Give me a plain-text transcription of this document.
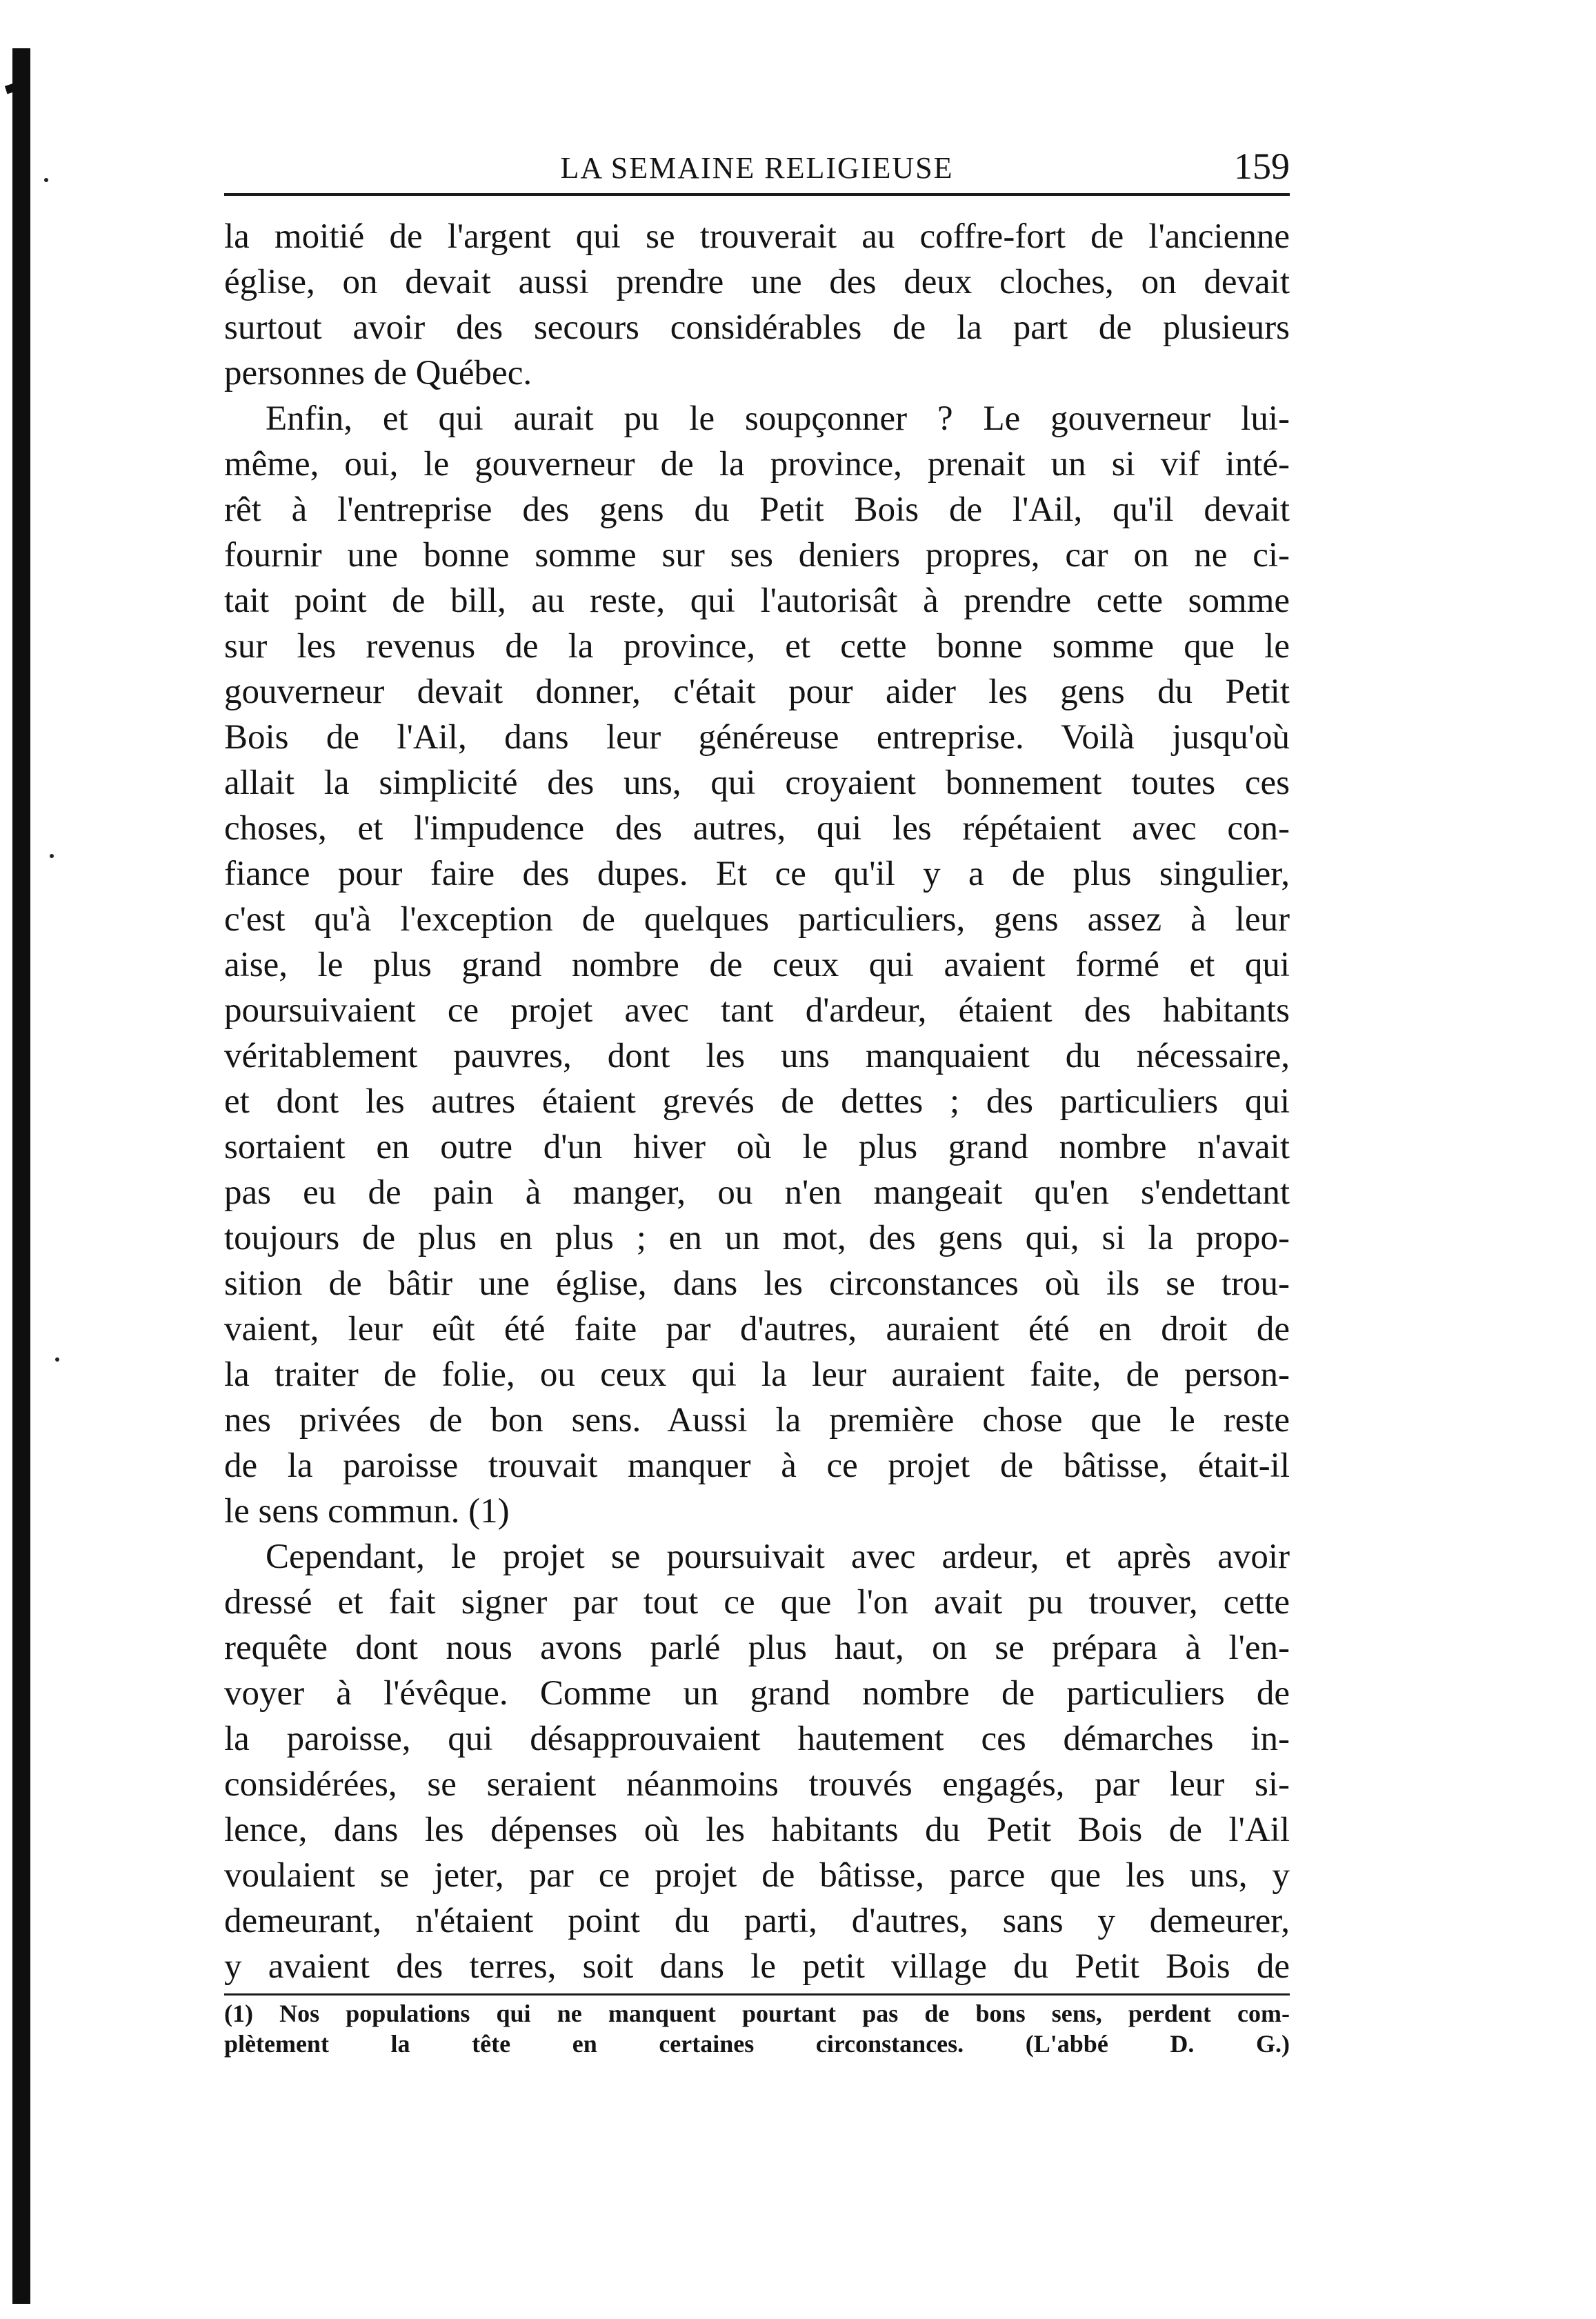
LA SEMAINE RELIGIEUSE	159
la moitié de l'argent qui se trouverait au coffre-fort de l'ancienne
église, on devait aussi prendre une des deux cloches, on devait
surtout avoir des secours considérables de la part de plusieurs
personnes de Québec.
Enfin, et qui aurait pu le soupçonner ? Le gouverneur lui-
même, oui, le gouverneur de la province, prenait un si vif inté-
rêt à l'entreprise des gens du Petit Bois de l'Ail, qu'il devait
fournir une bonne somme sur ses deniers propres, car on ne ci-
tait point de bill, au reste, qui l'autorisât à prendre cette somme
sur les revenus de la province, et cette bonne somme que le
gouverneur devait donner, c'était pour aider les gens du Petit
Bois de l'Ail, dans leur généreuse entreprise. Voilà jusqu'où
allait la simplicité des uns, qui croyaient bonnement toutes ces
choses, et l'impudence des autres, qui les répétaient avec con-
fiance pour faire des dupes. Et ce qu'il y a de plus singulier,
c'est qu'à l'exception de quelques particuliers, gens assez à leur
aise, le plus grand nombre de ceux qui avaient formé et qui
poursuivaient ce projet avec tant d'ardeur, étaient des habitants
véritablement pauvres, dont les uns manquaient du nécessaire,
et dont les autres étaient grevés de dettes ; des particuliers qui
sortaient en outre d'un hiver où le plus grand nombre n'avait
pas eu de pain à manger, ou n'en mangeait qu'en s'endettant
toujours de plus en plus ; en un mot, des gens qui, si la propo-
sition de bâtir une église, dans les circonstances où ils se trou-
vaient, leur eût été faite par d'autres, auraient été en droit de
la traiter de folie, ou ceux qui la leur auraient faite, de person-
nes privées de bon sens. Aussi la première chose que le reste
de la paroisse trouvait manquer à ce projet de bâtisse, était-il
le sens commun. (1)
Cependant, le projet se poursuivait avec ardeur, et après avoir
dressé et fait signer par tout ce que l'on avait pu trouver, cette
requête dont nous avons parlé plus haut, on se prépara à l'en-
voyer à l'évêque. Comme un grand nombre de particuliers de
la paroisse, qui désapprouvaient hautement ces démarches in-
considérées, se seraient néanmoins trouvés engagés, par leur si-
lence, dans les dépenses où les habitants du Petit Bois de l'Ail
voulaient se jeter, par ce projet de bâtisse, parce que les uns, y
demeurant, n'étaient point du parti, d'autres, sans y demeurer,
y avaient des terres, soit dans le petit village du Petit Bois de
(1) Nos populations qui ne manquent pourtant pas de bons sens, perdent com-
plètement la tête en certaines circonstances. (L'abbé D. G.)
